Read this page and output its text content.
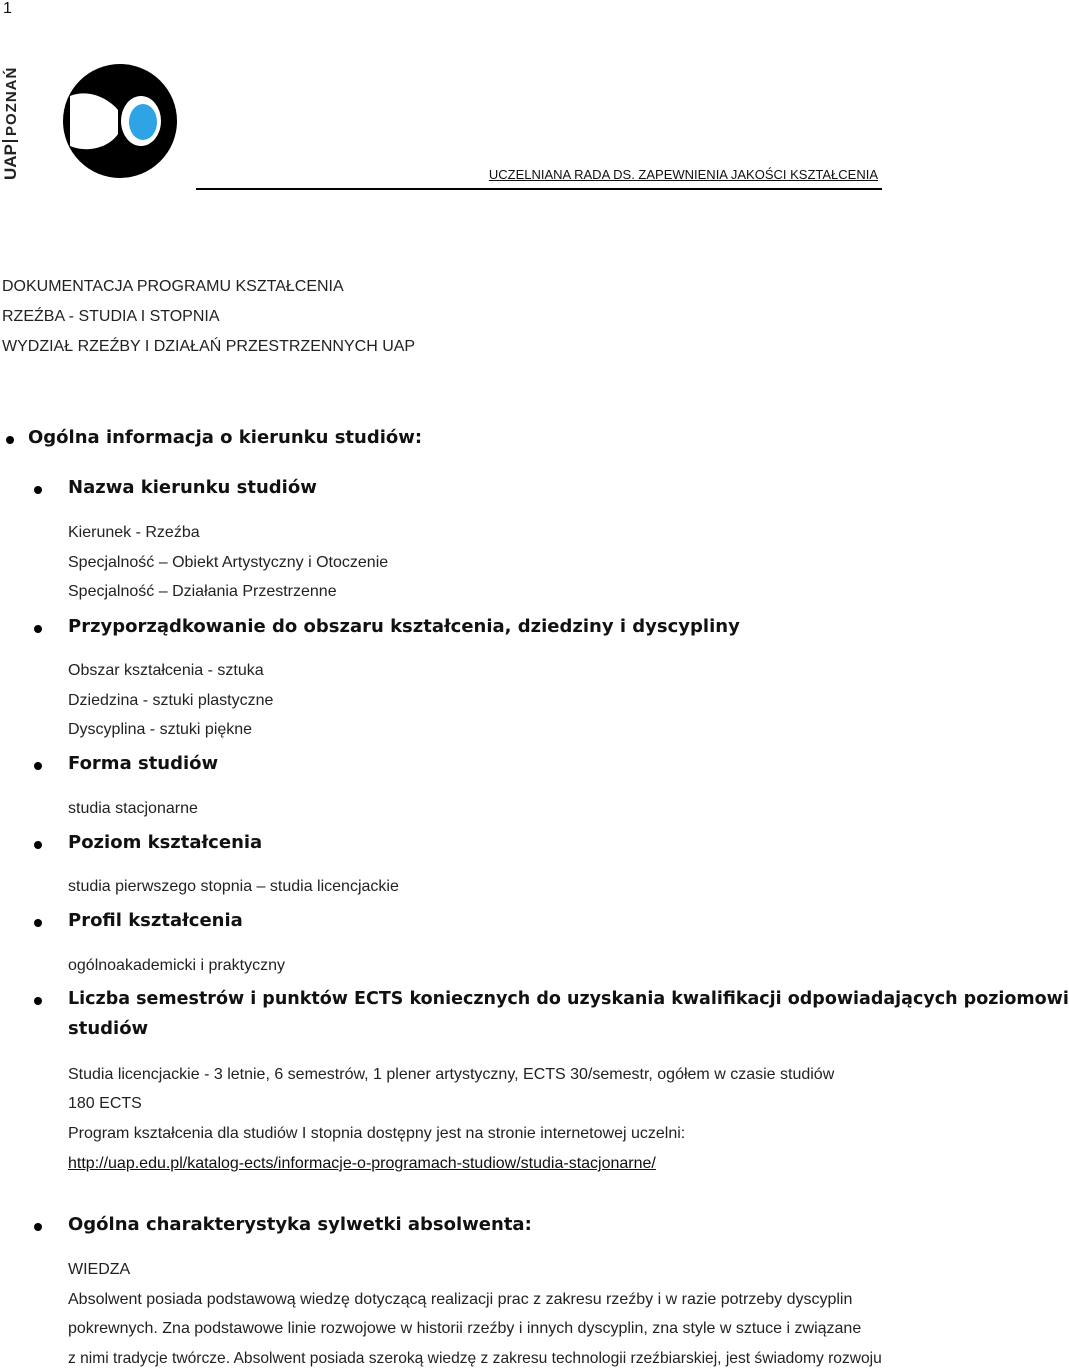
1
UAP
POZNAŃ
UCZELNIANA RADA DS. ZAPEWNIENIA JAKOŚCI KSZTAŁCENIA
DOKUMENTACJA PROGRAMU KSZTAŁCENIA
RZEŹBA - STUDIA I STOPNIA
WYDZIAŁ RZEŹBY I DZIAŁAŃ PRZESTRZENNYCH UAP
Ogólna informacja o kierunku studiów:
Nazwa kierunku studiów
Kierunek - Rzeźba
Specjalność – Obiekt Artystyczny i Otoczenie
Specjalność – Działania Przestrzenne
Przyporządkowanie do obszaru kształcenia, dziedziny i dyscypliny
Obszar kształcenia - sztuka
Dziedzina - sztuki plastyczne
Dyscyplina - sztuki piękne
Forma studiów
studia stacjonarne
Poziom kształcenia
studia pierwszego stopnia – studia licencjackie
Profil kształcenia
ogólnoakademicki i praktyczny
Liczba semestrów i punktów ECTS koniecznych do uzyskania kwalifikacji odpowiadających poziomowi
studiów
Studia licencjackie - 3 letnie, 6 semestrów, 1 plener artystyczny, ECTS 30/semestr, ogółem w czasie studiów
180 ECTS
Program kształcenia dla studiów I stopnia dostępny jest na stronie internetowej uczelni:
http://uap.edu.pl/katalog-ects/informacje-o-programach-studiow/studia-stacjonarne/
Ogólna charakterystyka sylwetki absolwenta:
WIEDZA
Absolwent posiada podstawową wiedzę dotyczącą realizacji prac z zakresu rzeźby i w razie potrzeby dyscyplin
pokrewnych. Zna podstawowe linie rozwojowe w historii rzeźby i innych dyscyplin, zna style w sztuce i związane
z nimi tradycje twórcze. Absolwent posiada szeroką wiedzę z zakresu technologii rzeźbiarskiej, jest świadomy rozwoju
